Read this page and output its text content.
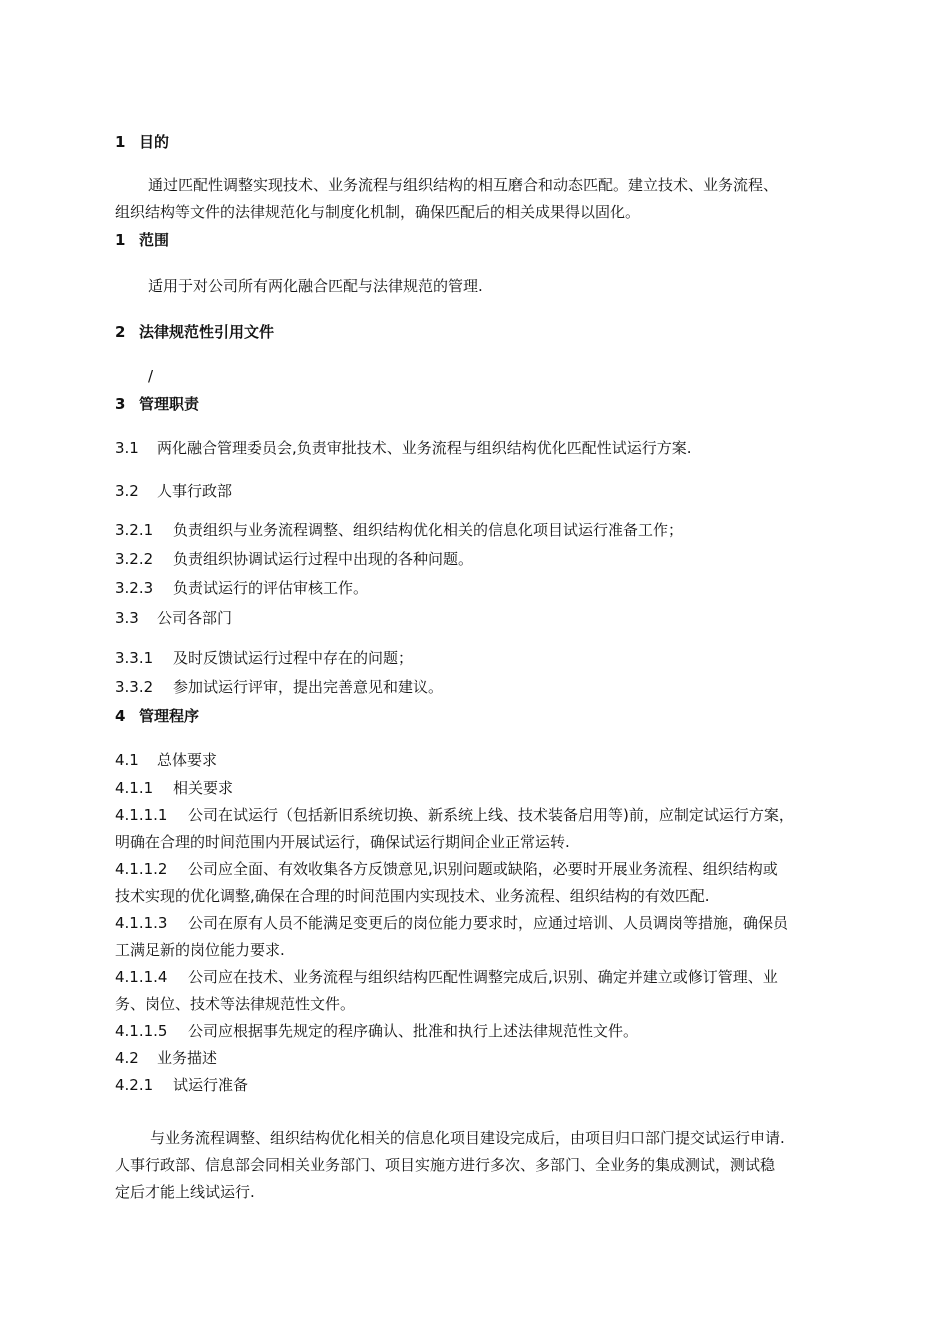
1 目的
通过匹配性调整实现技术、业务流程与组织结构的相互磨合和动态匹配。建立技术、业务流程、
组织结构等文件的法律规范化与制度化机制，确保匹配后的相关成果得以固化。
1 范围
适用于对公司所有两化融合匹配与法律规范的管理.
2 法律规范性引用文件
/
3 管理职责
3.1 两化融合管理委员会,负责审批技术、业务流程与组织结构优化匹配性试运行方案.
3.2 人事行政部
3.2.1 负责组织与业务流程调整、组织结构优化相关的信息化项目试运行准备工作；
3.2.2 负责组织协调试运行过程中出现的各种问题。
3.2.3 负责试运行的评估审核工作。
3.3 公司各部门
3.3.1 及时反馈试运行过程中存在的问题；
3.3.2 参加试运行评审，提出完善意见和建议。
4 管理程序
4.1 总体要求
4.1.1 相关要求
4.1.1.1 公司在试运行（包括新旧系统切换、新系统上线、技术装备启用等)前，应制定试运行方案，
明确在合理的时间范围内开展试运行，确保试运行期间企业正常运转.
4.1.1.2 公司应全面、有效收集各方反馈意见,识别问题或缺陷，必要时开展业务流程、组织结构或
技术实现的优化调整,确保在合理的时间范围内实现技术、业务流程、组织结构的有效匹配.
4.1.1.3 公司在原有人员不能满足变更后的岗位能力要求时，应通过培训、人员调岗等措施，确保员
工满足新的岗位能力要求.
4.1.1.4 公司应在技术、业务流程与组织结构匹配性调整完成后,识别、确定并建立或修订管理、业
务、岗位、技术等法律规范性文件。
4.1.1.5 公司应根据事先规定的程序确认、批准和执行上述法律规范性文件。
4.2 业务描述
4.2.1 试运行准备
与业务流程调整、组织结构优化相关的信息化项目建设完成后，由项目归口部门提交试运行申请.
人事行政部、信息部会同相关业务部门、项目实施方进行多次、多部门、全业务的集成测试，测试稳
定后才能上线试运行.
